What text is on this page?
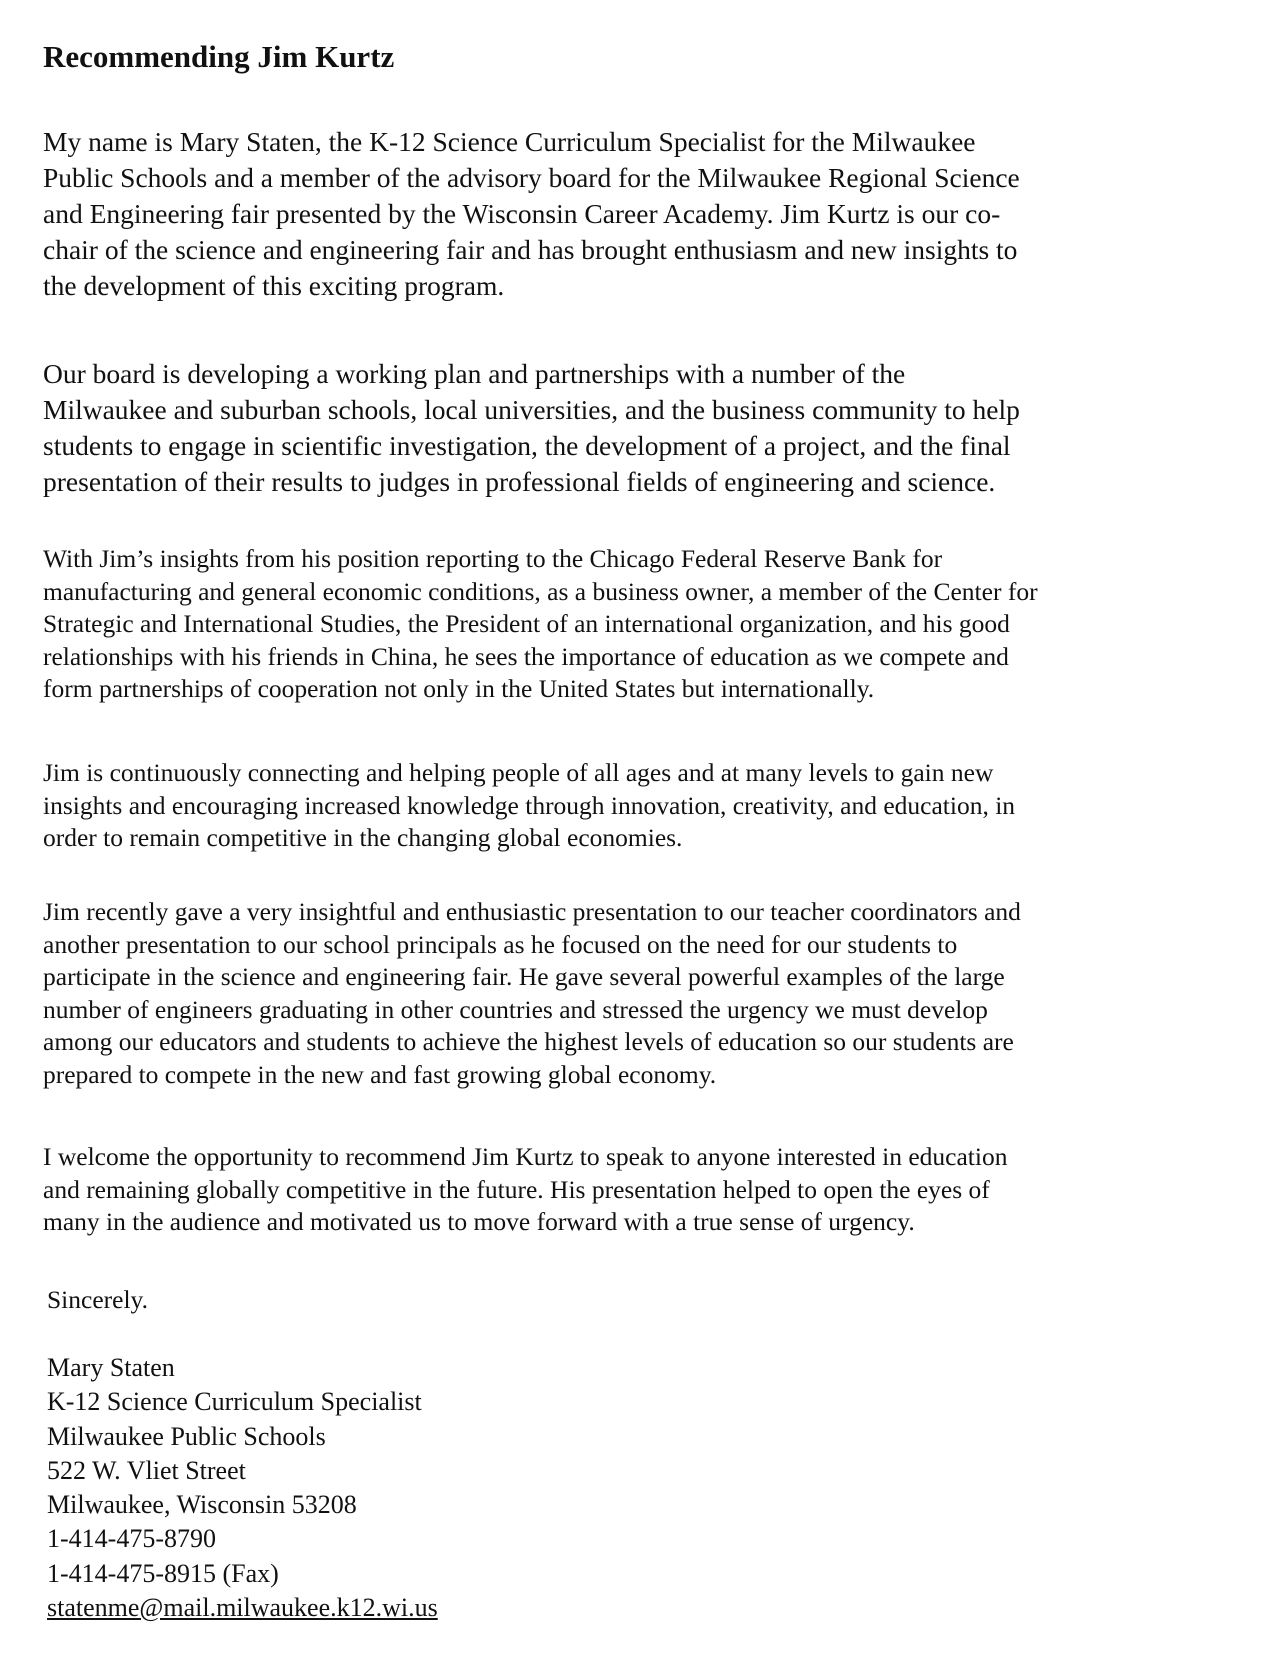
Recommending Jim Kurtz

My name is Mary Staten, the K-12 Science Curriculum Specialist for the Milwaukee
Public Schools and a member of the advisory board for the Milwaukee Regional Science
and Engineering fair presented by the Wisconsin Career Academy. Jim Kurtz is our co-
chair of the science and engineering fair and has brought enthusiasm and new insights to
the development of this exciting program.

Our board is developing a working plan and partnerships with a number of the
Milwaukee and suburban schools, local universities, and the business community to help
students to engage in scientific investigation, the development of a project, and the final
presentation of their results to judges in professional fields of engineering and science.

With Jim’s insights from his position reporting to the Chicago Federal Reserve Bank for
manufacturing and general economic conditions, as a business owner, a member of the Center for
Strategic and International Studies, the President of an international organization, and his good
relationships with his friends in China, he sees the importance of education as we compete and
form partnerships of cooperation not only in the United States but internationally.

Jim is continuously connecting and helping people of all ages and at many levels to gain new
insights and encouraging increased knowledge through innovation, creativity, and education, in
order to remain competitive in the changing global economies.

Jim recently gave a very insightful and enthusiastic presentation to our teacher coordinators and
another presentation to our school principals as he focused on the need for our students to
participate in the science and engineering fair. He gave several powerful examples of the large
number of engineers graduating in other countries and stressed the urgency we must develop
among our educators and students to achieve the highest levels of education so our students are
prepared to compete in the new and fast growing global economy.

I welcome the opportunity to recommend Jim Kurtz to speak to anyone interested in education
and remaining globally competitive in the future. His presentation helped to open the eyes of
many in the audience and motivated us to move forward with a true sense of urgency.

Sincerely.

Mary Staten
K-12 Science Curriculum Specialist
Milwaukee Public Schools
522 W. Vliet Street
Milwaukee, Wisconsin 53208
1-414-475-8790
1-414-475-8915 (Fax)
statenme@mail.milwaukee.k12.wi.us
